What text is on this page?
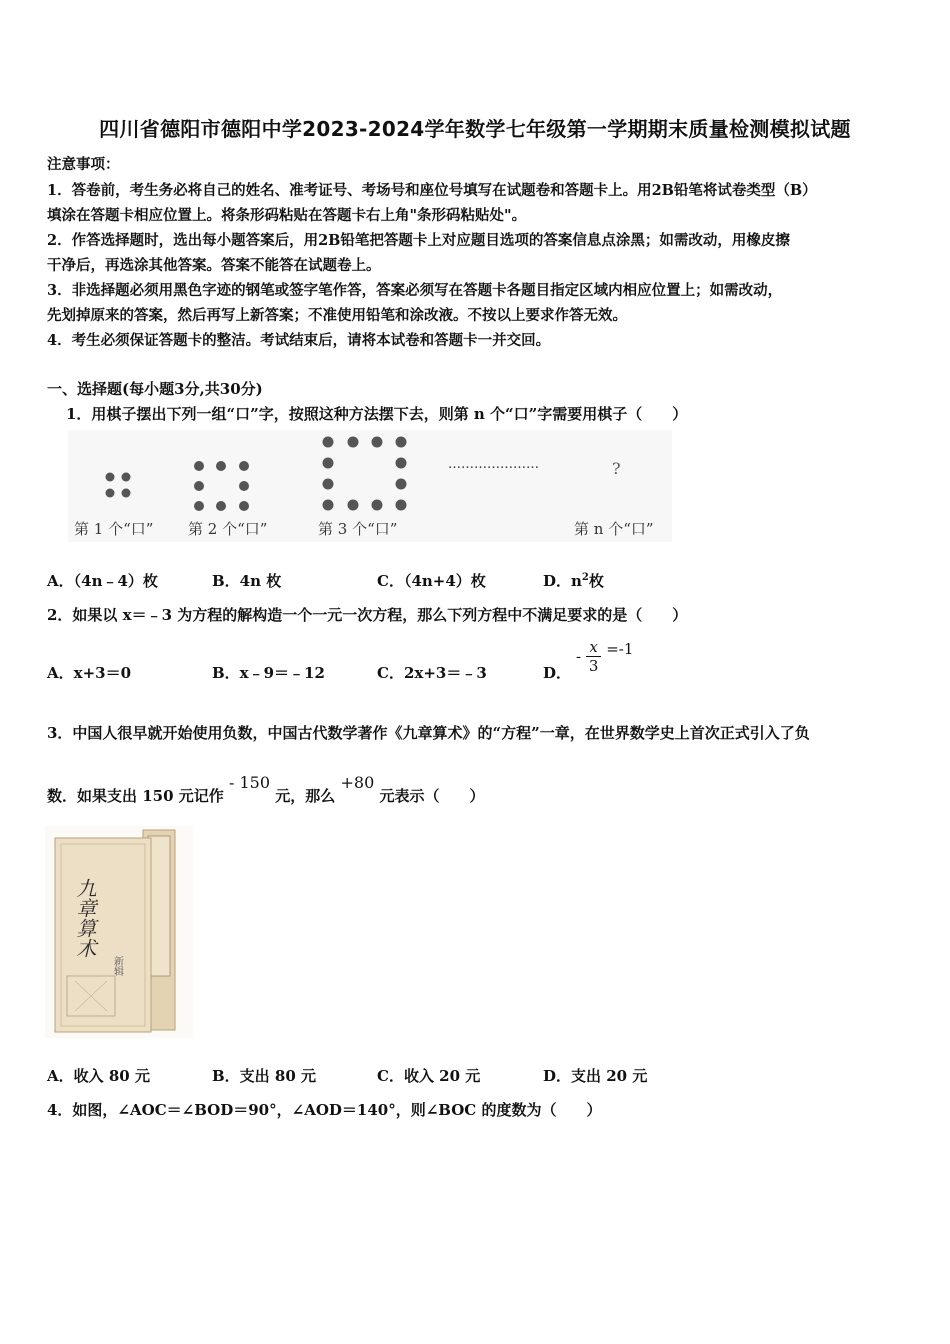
四川省德阳市德阳中学2023-2024学年数学七年级第一学期期末质量检测模拟试题
注意事项：
1．答卷前，考生务必将自己的姓名、准考证号、考场号和座位号填写在试题卷和答题卡上。用2B铅笔将试卷类型（B）
填涂在答题卡相应位置上。将条形码粘贴在答题卡右上角"条形码粘贴处"。
2．作答选择题时，选出每小题答案后，用2B铅笔把答题卡上对应题目选项的答案信息点涂黑；如需改动，用橡皮擦
干净后，再选涂其他答案。答案不能答在试题卷上。
3．非选择题必须用黑色字迹的钢笔或签字笔作答，答案必须写在答题卡各题目指定区域内相应位置上；如需改动，
先划掉原来的答案，然后再写上新答案；不准使用铅笔和涂改液。不按以上要求作答无效。
4．考生必须保证答题卡的整洁。考试结束后，请将本试卷和答题卡一并交回。
一、选择题(每小题3分,共30分)
1．用棋子摆出下列一组“口”字，按照这种方法摆下去，则第 n 个“口”字需要用棋子（　　）
…………………	?
第 1 个“口” 第 2 个“口”	第 3 个“口”	第 n 个“口”
A．（4n﹣4）枚	B．4n 枚	C．（4n+4）枚	D．$n^2$枚
2．如果以 x＝﹣3 为方程的解构造一个一元一次方程，那么下列方程中不满足要求的是（　　）
A．x+3＝0	B．x﹣9＝﹣12	C．2x+3＝﹣3	D．
- $\frac{x}{3} =-1$
3．中国人很早就开始使用负数，中国古代数学著作《九章算术》的“方程”一章，在世界数学史上首次正式引入了负
数．如果支出 150 元记作 - 150 元，那么 +80 元表示（　　）
九章算术
新辑
A．收入 80 元	B．支出 80 元	C．收入 20 元	D．支出 20 元
4．如图，∠AOC＝∠BOD＝90°，∠AOD＝140°，则∠BOC 的度数为（　　）
